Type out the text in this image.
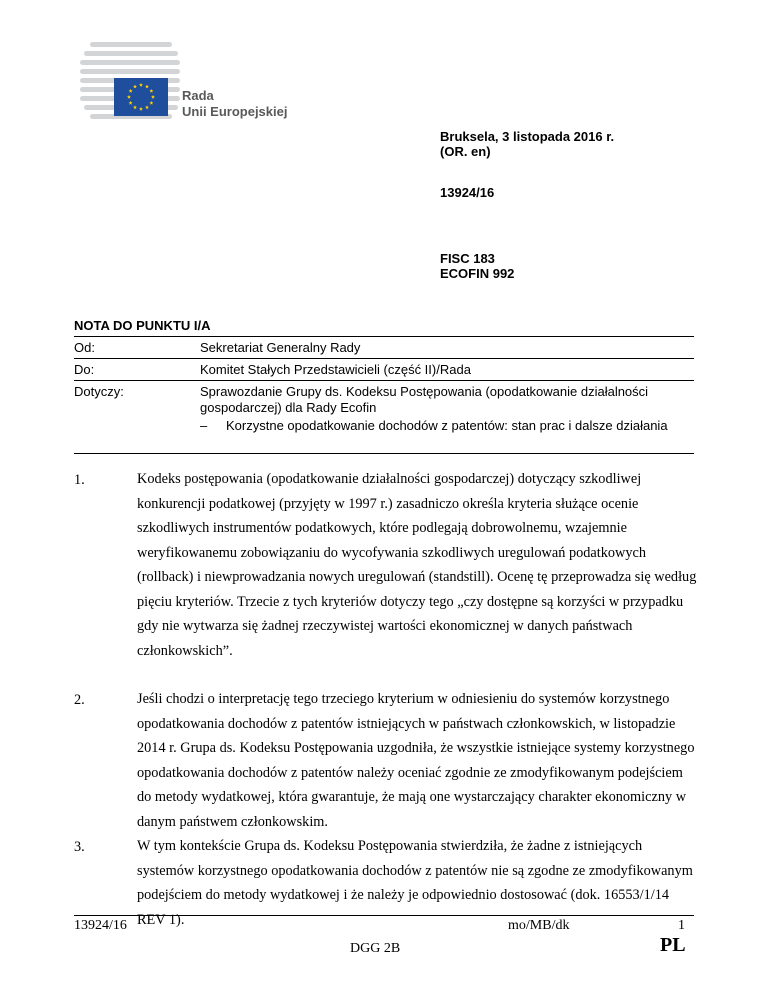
Rada
Unii Europejskiej
Bruksela, 3 listopada 2016 r.
(OR. en)
13924/16
FISC 183
ECOFIN 992
NOTA DO PUNKTU I/A
Od:	Sekretariat Generalny Rady
Do:	Komitet Stałych Przedstawicieli (część II)/Rada
Dotyczy:	Sprawozdanie Grupy ds. Kodeksu Postępowania (opodatkowanie działalności gospodarczej) dla Rady Ecofin
– Korzystne opodatkowanie dochodów z patentów: stan prac i dalsze działania
1.	Kodeks postępowania (opodatkowanie działalności gospodarczej) dotyczący szkodliwej konkurencji podatkowej (przyjęty w 1997 r.) zasadniczo określa kryteria służące ocenie szkodliwych instrumentów podatkowych, które podlegają dobrowolnemu, wzajemnie weryfikowanemu zobowiązaniu do wycofywania szkodliwych uregulowań podatkowych (rollback) i niewprowadzania nowych uregulowań (standstill). Ocenę tę przeprowadza się według pięciu kryteriów. Trzecie z tych kryteriów dotyczy tego „czy dostępne są korzyści w przypadku gdy nie wytwarza się żadnej rzeczywistej wartości ekonomicznej w danych państwach członkowskich”.
2.	Jeśli chodzi o interpretację tego trzeciego kryterium w odniesieniu do systemów korzystnego opodatkowania dochodów z patentów istniejących w państwach członkowskich, w listopadzie 2014 r. Grupa ds. Kodeksu Postępowania uzgodniła, że wszystkie istniejące systemy korzystnego opodatkowania dochodów z patentów należy oceniać zgodnie ze zmodyfikowanym podejściem do metody wydatkowej, która gwarantuje, że mają one wystarczający charakter ekonomiczny w danym państwem członkowskim.
3.	W tym kontekście Grupa ds. Kodeksu Postępowania stwierdziła, że żadne z istniejących systemów korzystnego opodatkowania dochodów z patentów nie są zgodne ze zmodyfikowanym podejściem do metody wydatkowej i że należy je odpowiednio dostosować (dok. 16553/1/14 REV 1).
13924/16	mo/MB/dk	1
DGG 2B	PL
